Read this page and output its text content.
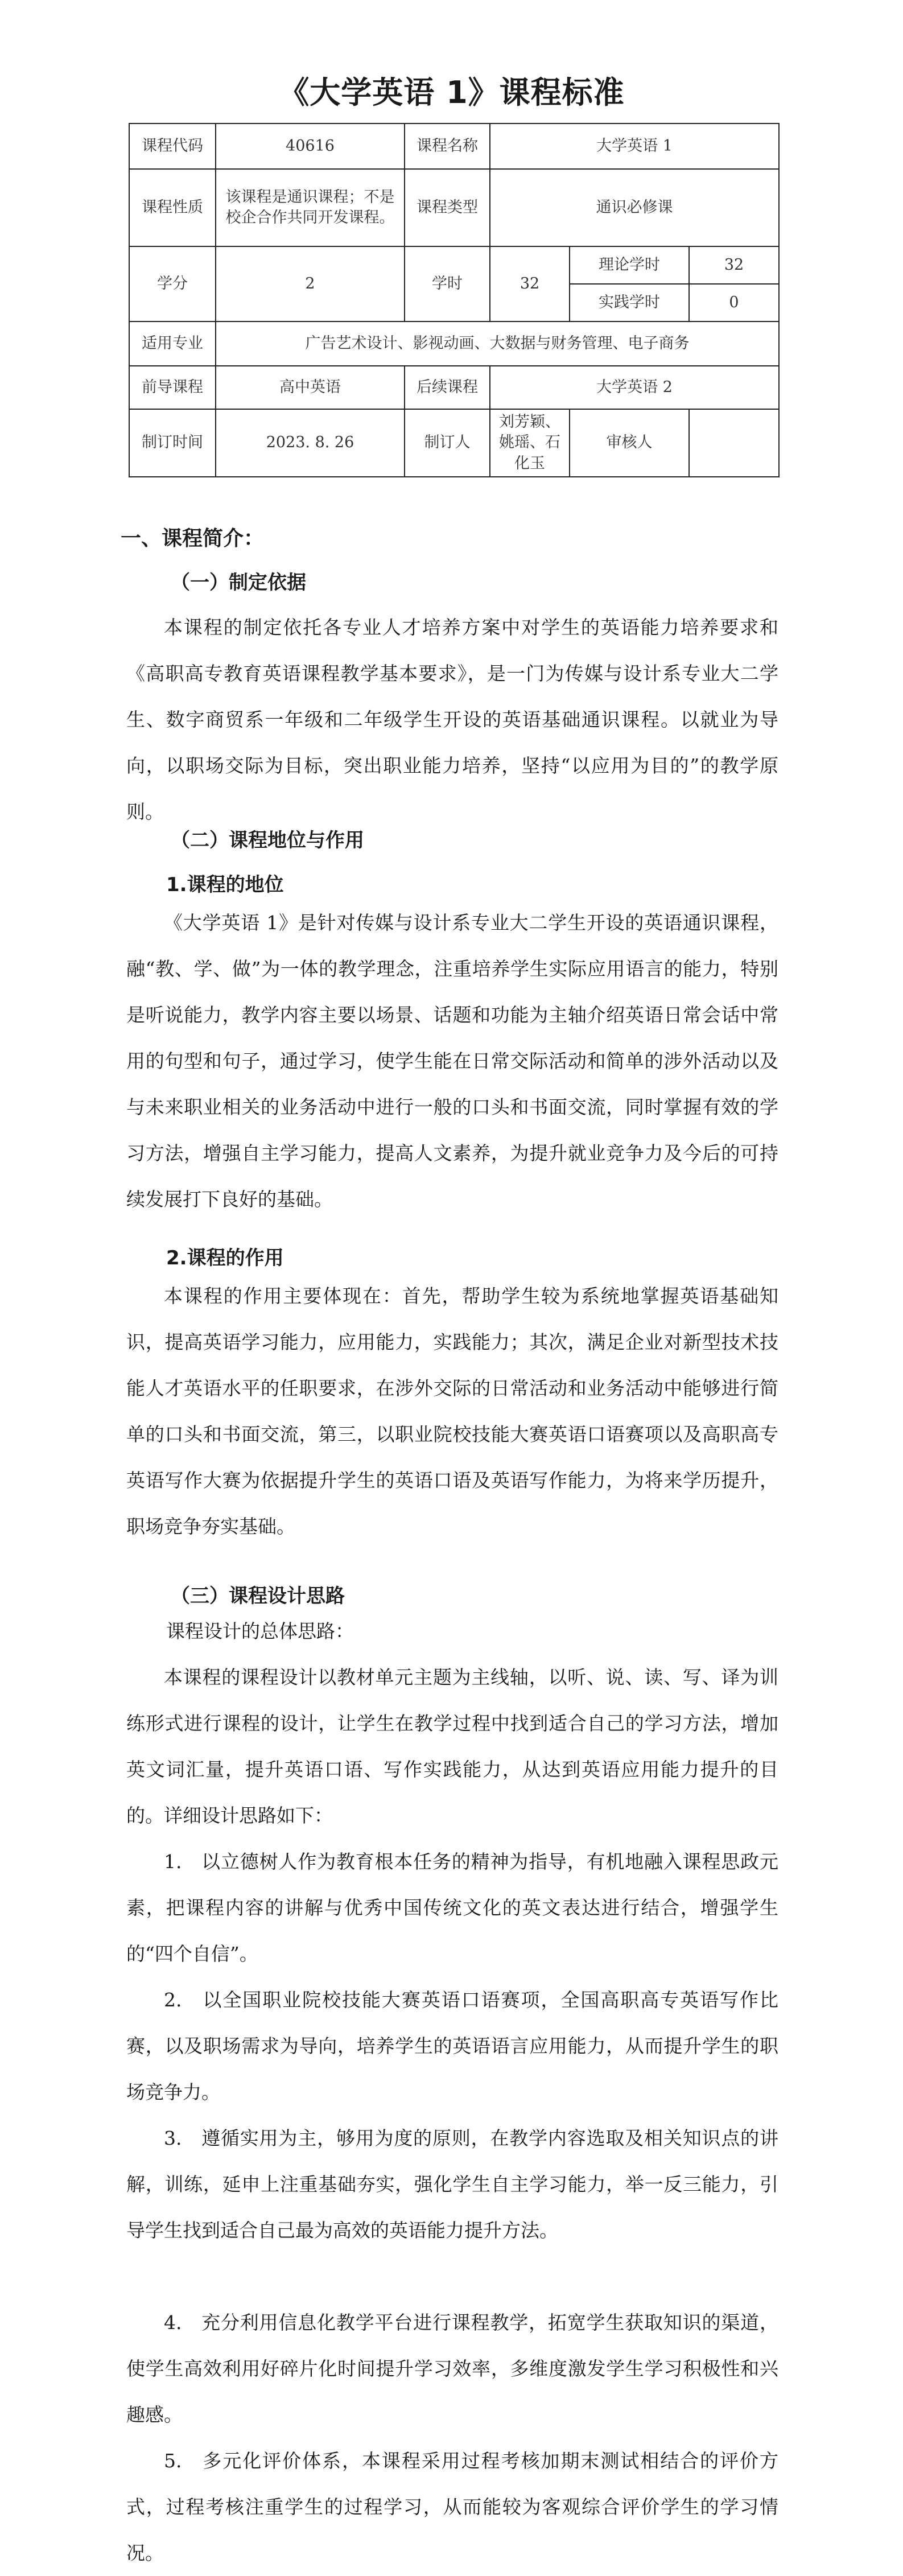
《大学英语 1》课程标准
课程代码	40616	课程名称	大学英语 1		
课程性质	该课程是通识课程；不是校企合作共同开发课程。	课程类型	通识必修课		
学分	2	学时	32	理论学时	32
				实践学时	0
适用专业	广告艺术设计、影视动画、大数据与财务管理、电子商务				
前导课程	高中英语	后续课程	大学英语 2		
制订时间	2023. 8. 26	制订人	刘芳颖、姚瑶、石化玉	审核人	
一、课程简介：
（一）制定依据
本课程的制定依托各专业人才培养方案中对学生的英语能力培养要求和《高职高专教育英语课程教学基本要求》，是一门为传媒与设计系专业大二学生、数字商贸系一年级和二年级学生开设的英语基础通识课程。以就业为导向，以职场交际为目标，突出职业能力培养，坚持“以应用为目的”的教学原则。
（二）课程地位与作用
1.课程的地位
《大学英语 1》是针对传媒与设计系专业大二学生开设的英语通识课程，融“教、学、做”为一体的教学理念，注重培养学生实际应用语言的能力，特别是听说能力，教学内容主要以场景、话题和功能为主轴介绍英语日常会话中常用的句型和句子，通过学习，使学生能在日常交际活动和简单的涉外活动以及与未来职业相关的业务活动中进行一般的口头和书面交流，同时掌握有效的学习方法，增强自主学习能力，提高人文素养，为提升就业竞争力及今后的可持续发展打下良好的基础。
2.课程的作用
本课程的作用主要体现在：首先，帮助学生较为系统地掌握英语基础知识，提高英语学习能力，应用能力，实践能力；其次，满足企业对新型技术技能人才英语水平的任职要求，在涉外交际的日常活动和业务活动中能够进行简单的口头和书面交流，第三，以职业院校技能大赛英语口语赛项以及高职高专英语写作大赛为依据提升学生的英语口语及英语写作能力，为将来学历提升，职场竞争夯实基础。
（三）课程设计思路
课程设计的总体思路：
本课程的课程设计以教材单元主题为主线轴，以听、说、读、写、译为训练形式进行课程的设计，让学生在教学过程中找到适合自己的学习方法，增加英文词汇量，提升英语口语、写作实践能力，从达到英语应用能力提升的目的。详细设计思路如下：
1.　以立德树人作为教育根本任务的精神为指导，有机地融入课程思政元素，把课程内容的讲解与优秀中国传统文化的英文表达进行结合，增强学生的“四个自信”。
2.　以全国职业院校技能大赛英语口语赛项，全国高职高专英语写作比赛，以及职场需求为导向，培养学生的英语语言应用能力，从而提升学生的职场竞争力。
3.　遵循实用为主，够用为度的原则，在教学内容选取及相关知识点的讲解，训练，延申上注重基础夯实，强化学生自主学习能力，举一反三能力，引导学生找到适合自己最为高效的英语能力提升方法。
4.　充分利用信息化教学平台进行课程教学，拓宽学生获取知识的渠道，使学生高效利用好碎片化时间提升学习效率，多维度激发学生学习积极性和兴趣感。
5.　多元化评价体系，本课程采用过程考核加期末测试相结合的评价方式，过程考核注重学生的过程学习，从而能较为客观综合评价学生的学习情况。
